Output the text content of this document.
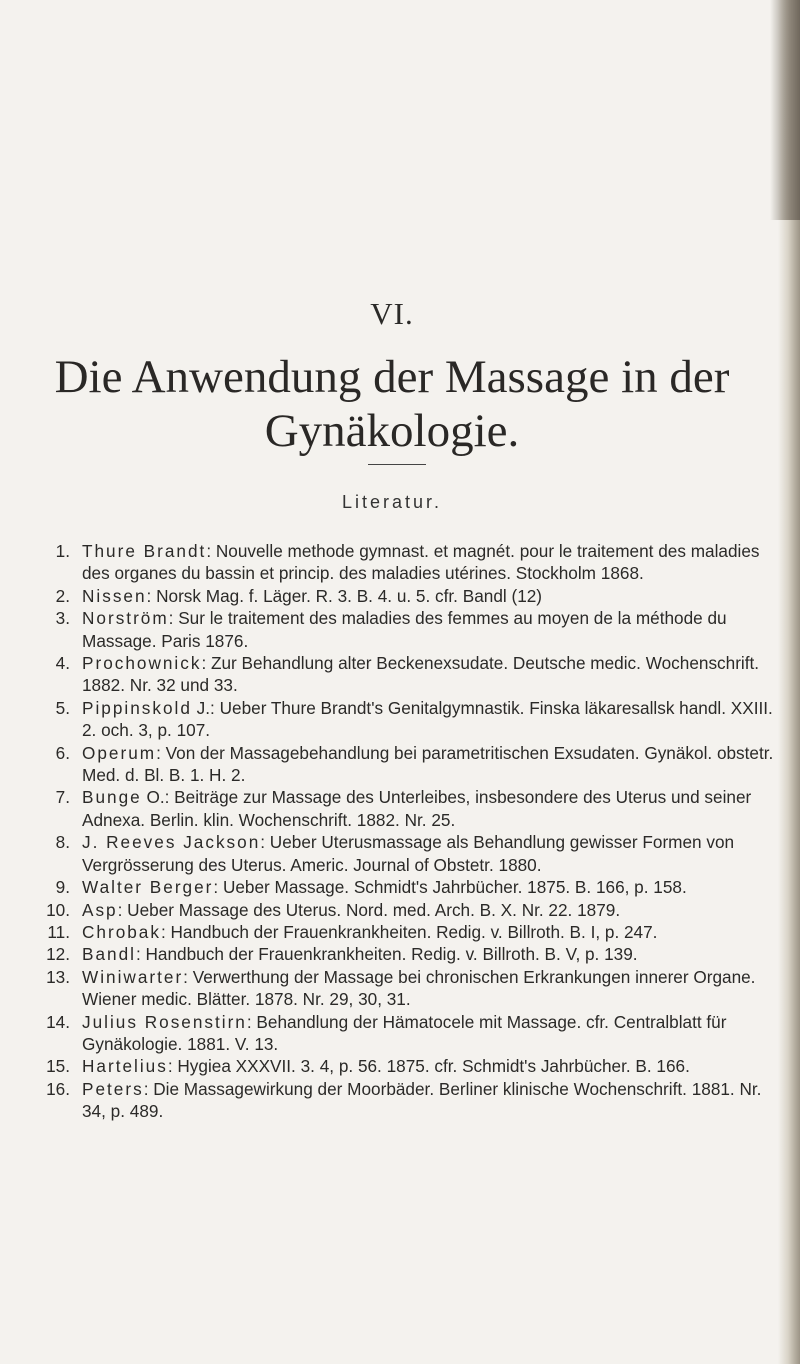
VI.
Die Anwendung der Massage in der
Gynäkologie.
Literatur.
1. Thure Brandt: Nouvelle methode gymnast. et magnét. pour le traitement des maladies des organes du bassin et princip. des maladies utérines. Stockholm 1868.
2. Nissen: Norsk Mag. f. Läger. R. 3. B. 4. u. 5. cfr. Bandl (12)
3. Norström: Sur le traitement des maladies des femmes au moyen de la méthode du Massage. Paris 1876.
4. Prochownick: Zur Behandlung alter Beckenexsudate. Deutsche medic. Wochenschrift. 1882. Nr. 32 und 33.
5. Pippinskold J.: Ueber Thure Brandt's Genitalgymnastik. Finska läkaresallsk handl. XXIII. 2. och. 3, p. 107.
6. Operum: Von der Massagebehandlung bei parametritischen Exsudaten. Gynäkol. obstetr. Med. d. Bl. B. 1. H. 2.
7. Bunge O.: Beiträge zur Massage des Unterleibes, insbesondere des Uterus und seiner Adnexa. Berlin. klin. Wochenschrift. 1882. Nr. 25.
8. J. Reeves Jackson: Ueber Uterusmassage als Behandlung gewisser Formen von Vergrösserung des Uterus. Americ. Journal of Obstetr. 1880.
9. Walter Berger: Ueber Massage. Schmidt's Jahrbücher. 1875. B. 166, p. 158.
10. Asp: Ueber Massage des Uterus. Nord. med. Arch. B. X. Nr. 22. 1879.
11. Chrobak: Handbuch der Frauenkrankheiten. Redig. v. Billroth. B. I, p. 247.
12. Bandl: Handbuch der Frauenkrankheiten. Redig. v. Billroth. B. V, p. 139.
13. Winiwarter: Verwerthung der Massage bei chronischen Erkrankungen innerer Organe. Wiener medic. Blätter. 1878. Nr. 29, 30, 31.
14. Julius Rosenstirn: Behandlung der Hämatocele mit Massage. cfr. Centralblatt für Gynäkologie. 1881. V. 13.
15. Hartelius: Hygiea XXXVII. 3. 4, p. 56. 1875. cfr. Schmidt's Jahrbücher. B. 166.
16. Peters: Die Massagewirkung der Moorbäder. Berliner klinische Wochenschrift. 1881. Nr. 34, p. 489.
